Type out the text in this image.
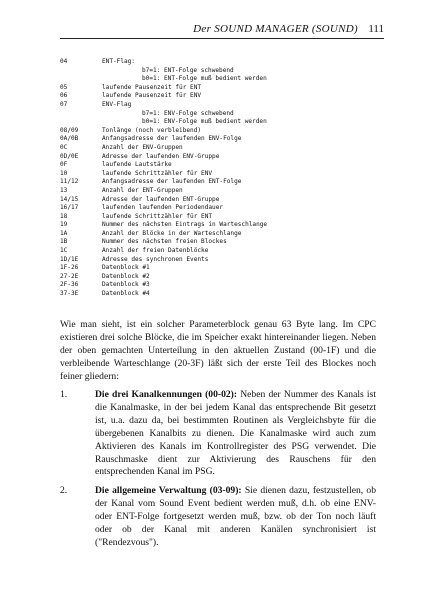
Der SOUND MANAGER (SOUND) 111
04	ENT-Flag:
b7=1: ENT-Folge schwebend
b0=1: ENT-Folge muß bedient werden
05	laufende Pausenzeit für ENT
06	laufende Pausenzeit für ENV
07	ENV-Flag
b7=1: ENV-Folge schwebend
b0=1: ENV-Folge muß bedient werden
08/09	Tonlänge (noch verbleibend)
0A/0B	Anfangsadresse der laufenden ENV-Folge
0C	Anzahl der ENV-Gruppen
0D/0E	Adresse der laufenden ENV-Gruppe
0F	laufende Lautstärke
10	laufende Schrittzähler für ENV
11/12	Anfangsadresse der laufenden ENT-Folge
13	Anzahl der ENT-Gruppen
14/15	Adresse der laufenden ENT-Gruppe
16/17	laufenden laufenden Periodendauer
18	laufende Schrittzähler für ENT
19	Nummer des nächsten Eintrags in Warteschlange
1A	Anzahl der Blöcke in der Warteschlange
1B	Nummer des nächsten freien Blockes
1C	Anzahl der freien Datenblöcke
1D/1E	Adresse des synchronen Events
1F-26	Datenblock #1
27-2E	Datenblock #2
2F-36	Datenblock #3
37-3E	Datenblock #4

Wie man sieht, ist ein solcher Parameterblock genau 63 Byte lang. Im CPC existieren drei solche Blöcke, die im Speicher exakt hintereinander liegen. Neben der oben gemachten Unterteilung in den aktuellen Zustand (00-1F) und die verbleibende Warteschlange (20-3F) läßt sich der erste Teil des Blockes noch feiner gliedern:

1.	Die drei Kanalkennungen (00-02): Neben der Nummer des Kanals ist die Kanalmaske, in der bei jedem Kanal das entsprechende Bit gesetzt ist, u.a. dazu da, bei bestimmten Routinen als Vergleichsbyte für die übergebenen Kanalbits zu dienen. Die Kanalmaske wird auch zum Aktivieren des Kanals im Kontrollregister des PSG verwendet. Die Rauschmaske dient zur Aktivierung des Rauschens für den entsprechenden Kanal im PSG.
2.	Die allgemeine Verwaltung (03-09): Sie dienen dazu, festzustellen, ob der Kanal vom Sound Event bedient werden muß, d.h. ob eine ENV- oder ENT-Folge fortgesetzt werden muß, bzw. ob der Ton noch läuft oder ob der Kanal mit anderen Kanälen synchronisiert ist ("Rendezvous").
